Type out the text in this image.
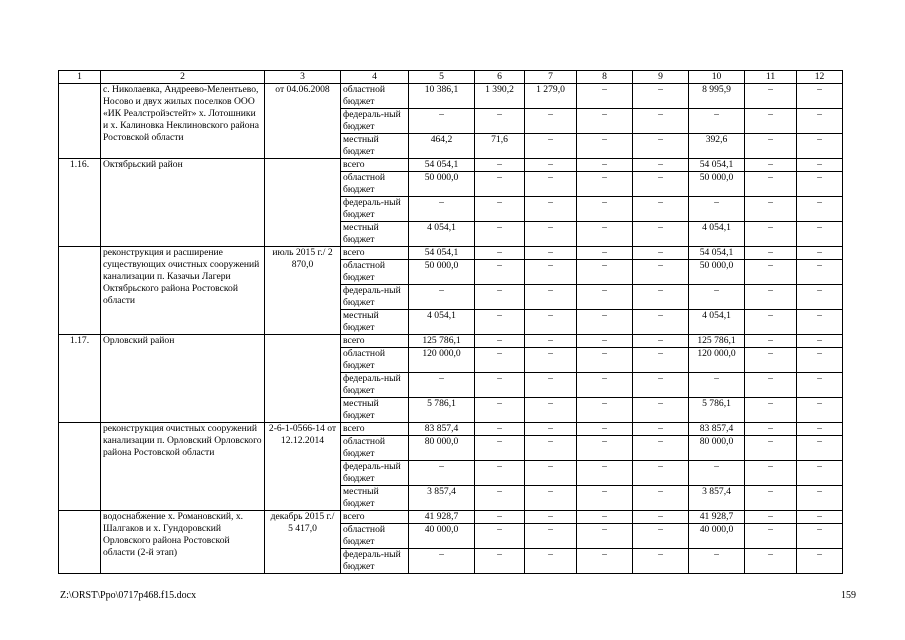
1	2	3	4	5	6	7	8	9	10	11	12
	с. Николаевка, Андреево-Мелентьево, Носово и двух жилых поселков ООО «ИК Реалстройэстейт» х. Лотошники и х. Калиновка Неклиновского района Ростовской области	от 04.06.2008	областной бюджет	10 386,1	1 390,2	1 279,0	–	–	8 995,9	–	–
			федераль-ный бюджет	–	–	–	–	–	–	–	–
			местный бюджет	464,2	71,6	–	–	–	392,6	–	–
1.16.	Октябрьский район		всего	54 054,1	–	–	–	–	54 054,1	–	–
			областной бюджет	50 000,0	–	–	–	–	50 000,0	–	–
			федераль-ный бюджет	–	–	–	–	–	–	–	–
			местный бюджет	4 054,1	–	–	–	–	4 054,1	–	–
	реконструкция и расширение существующих очистных сооружений канализации п. Казачьи Лагери Октябрьского района Ростовской области	июль 2015 г./ 2 870,0	всего	54 054,1	–	–	–	–	54 054,1	–	–
			областной бюджет	50 000,0	–	–	–	–	50 000,0	–	–
			федераль-ный бюджет	–	–	–	–	–	–	–	–
			местный бюджет	4 054,1	–	–	–	–	4 054,1	–	–
1.17.	Орловский район		всего	125 786,1	–	–	–	–	125 786,1	–	–
			областной бюджет	120 000,0	–	–	–	–	120 000,0	–	–
			федераль-ный бюджет	–	–	–	–	–	–	–	–
			местный бюджет	5 786,1	–	–	–	–	5 786,1	–	–
	реконструкция очистных сооружений канализации п. Орловский Орловского района Ростовской области	2-6-1-0566-14 от 12.12.2014	всего	83 857,4	–	–	–	–	83 857,4	–	–
			областной бюджет	80 000,0	–	–	–	–	80 000,0	–	–
			федераль-ный бюджет	–	–	–	–	–	–	–	–
			местный бюджет	3 857,4	–	–	–	–	3 857,4	–	–
	водоснабжение х. Романовский, х. Шалгаков и х. Гундоровский Орловского района Ростовской области (2-й этап)	декабрь 2015 г./ 5 417,0	всего	41 928,7	–	–	–	–	41 928,7	–	–
			областной бюджет	40 000,0	–	–	–	–	40 000,0	–	–
			федераль-ный бюджет	–	–	–	–	–	–	–	–
Z:\ORST\Ppo\0717p468.f15.docx	159
